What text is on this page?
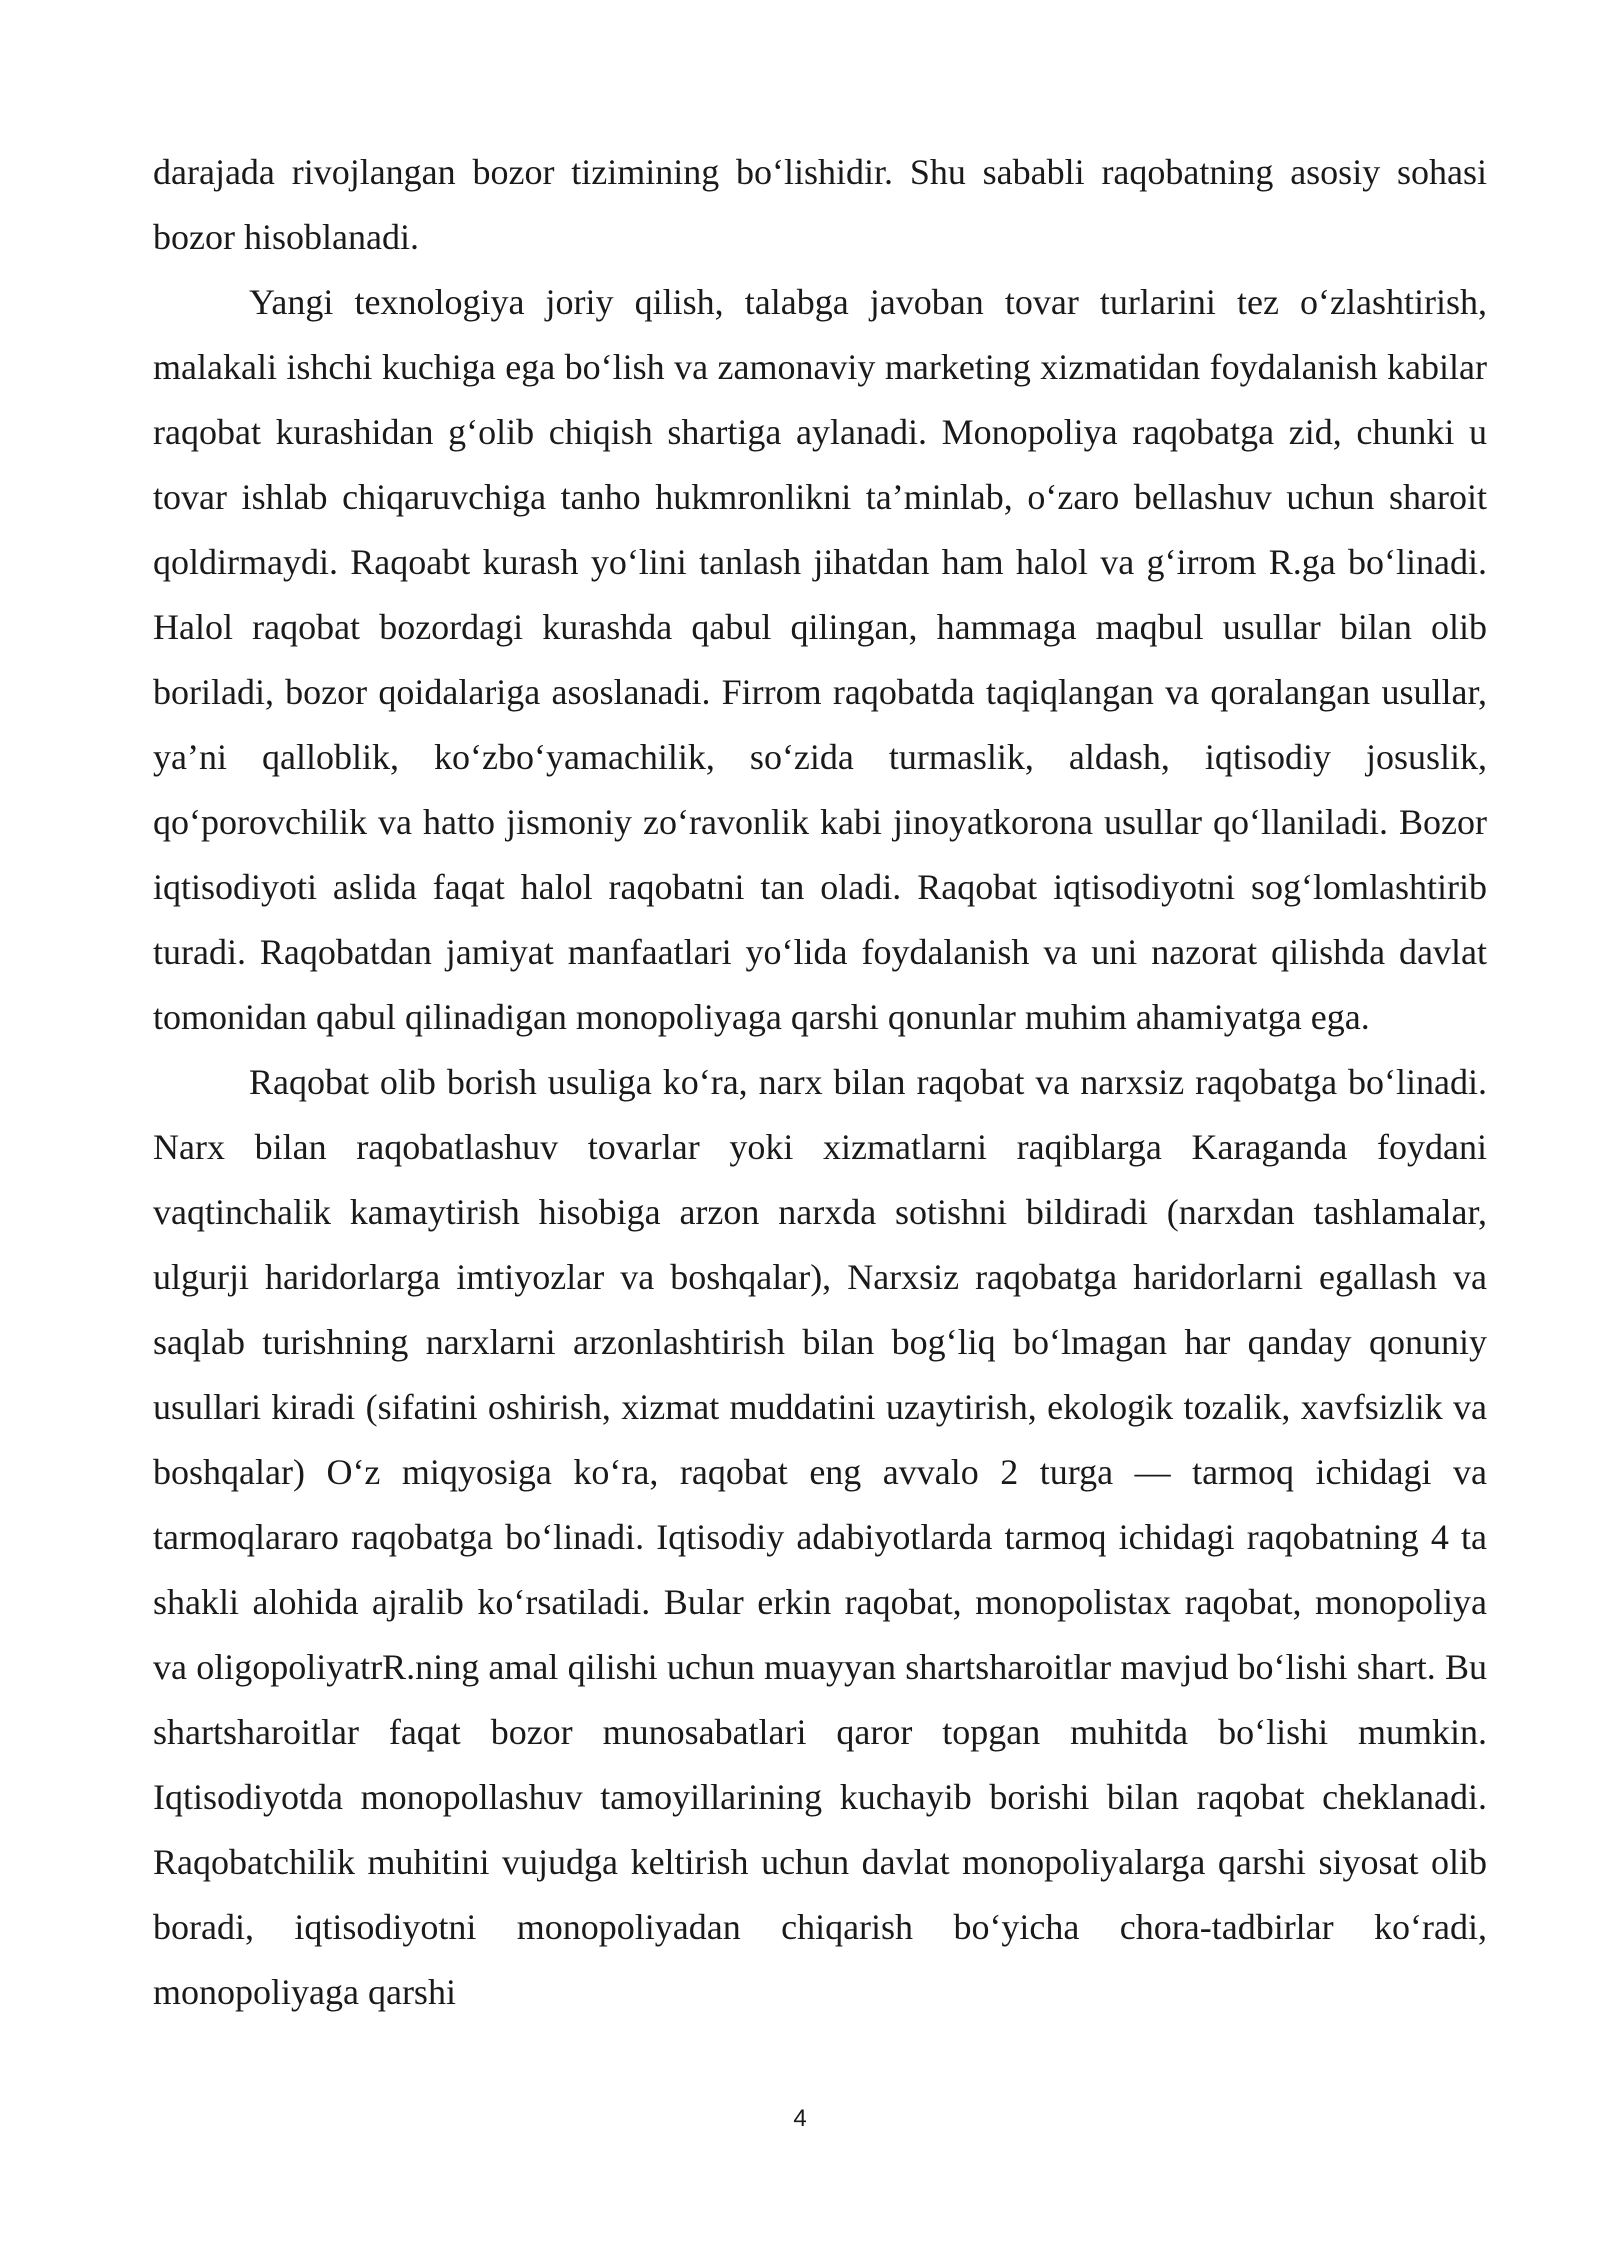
darajada rivojlangan bozor tizimining bo‘lishidir. Shu sababli raqobatning asosiy sohasi bozor hisoblanadi.

Yangi texnologiya joriy qilish, talabga javoban tovar turlarini tez o‘zlashtirish, malakali ishchi kuchiga ega bo‘lish va zamonaviy marketing xizmatidan foydalanish kabilar raqobat kurashidan g‘olib chiqish shartiga aylanadi. Monopoliya raqobatga zid, chunki u tovar ishlab chiqaruvchiga tanho hukmronlikni ta’minlab, o‘zaro bellashuv uchun sharoit qoldirmaydi. Raqoabt kurash yo‘lini tanlash jihatdan ham halol va g‘irrom R.ga bo‘linadi. Halol raqobat bozordagi kurashda qabul qilingan, hammaga maqbul usullar bilan olib boriladi, bozor qoidalariga asoslanadi. Firrom raqobatda taqiqlangan va qoralangan usullar, ya’ni qalloblik, ko‘zbo‘yamachilik, so‘zida turmaslik, aldash, iqtisodiy josuslik, qo‘porovchilik va hatto jismoniy zo‘ravonlik kabi jinoyatkorona usullar qo‘llaniladi. Bozor iqtisodiyoti aslida faqat halol raqobatni tan oladi. Raqobat iqtisodiyotni sog‘lomlashtirib turadi. Raqobatdan jamiyat manfaatlari yo‘lida foydalanish va uni nazorat qilishda davlat tomonidan qabul qilinadigan monopoliyaga qarshi qonunlar muhim ahamiyatga ega.

Raqobat olib borish usuliga ko‘ra, narx bilan raqobat va narxsiz raqobatga bo‘linadi. Narx bilan raqobatlashuv tovarlar yoki xizmatlarni raqiblarga Karaganda foydani vaqtinchalik kamaytirish hisobiga arzon narxda sotishni bildiradi (narxdan tashlamalar, ulgurji haridorlarga imtiyozlar va boshqalar), Narxsiz raqobatga haridorlarni egallash va saqlab turishning narxlarni arzonlashtirish bilan bog‘liq bo‘lmagan har qanday qonuniy usullari kiradi (sifatini oshirish, xizmat muddatini uzaytirish, ekologik tozalik, xavfsizlik va boshqalar) O‘z miqyosiga ko‘ra, raqobat eng avvalo 2 turga — tarmoq ichidagi va tarmoqlararo raqobatga bo‘linadi. Iqtisodiy adabiyotlarda tarmoq ichidagi raqobatning 4 ta shakli alohida ajralib ko‘rsatiladi. Bular erkin raqobat, monopolistax raqobat, monopoliya va oligopoliyatrR.ning amal qilishi uchun muayyan shartsharoitlar mavjud bo‘lishi shart. Bu shartsharoitlar faqat bozor munosabatlari qaror topgan muhitda bo‘lishi mumkin. Iqtisodiyotda monopollashuv tamoyillarining kuchayib borishi bilan raqobat cheklanadi. Raqobatchilik muhitini vujudga keltirish uchun davlat monopoliyalarga qarshi siyosat olib boradi, iqtisodiyotni monopoliyadan chiqarish bo‘yicha chora-tadbirlar ko‘radi, monopoliyaga qarshi

4
